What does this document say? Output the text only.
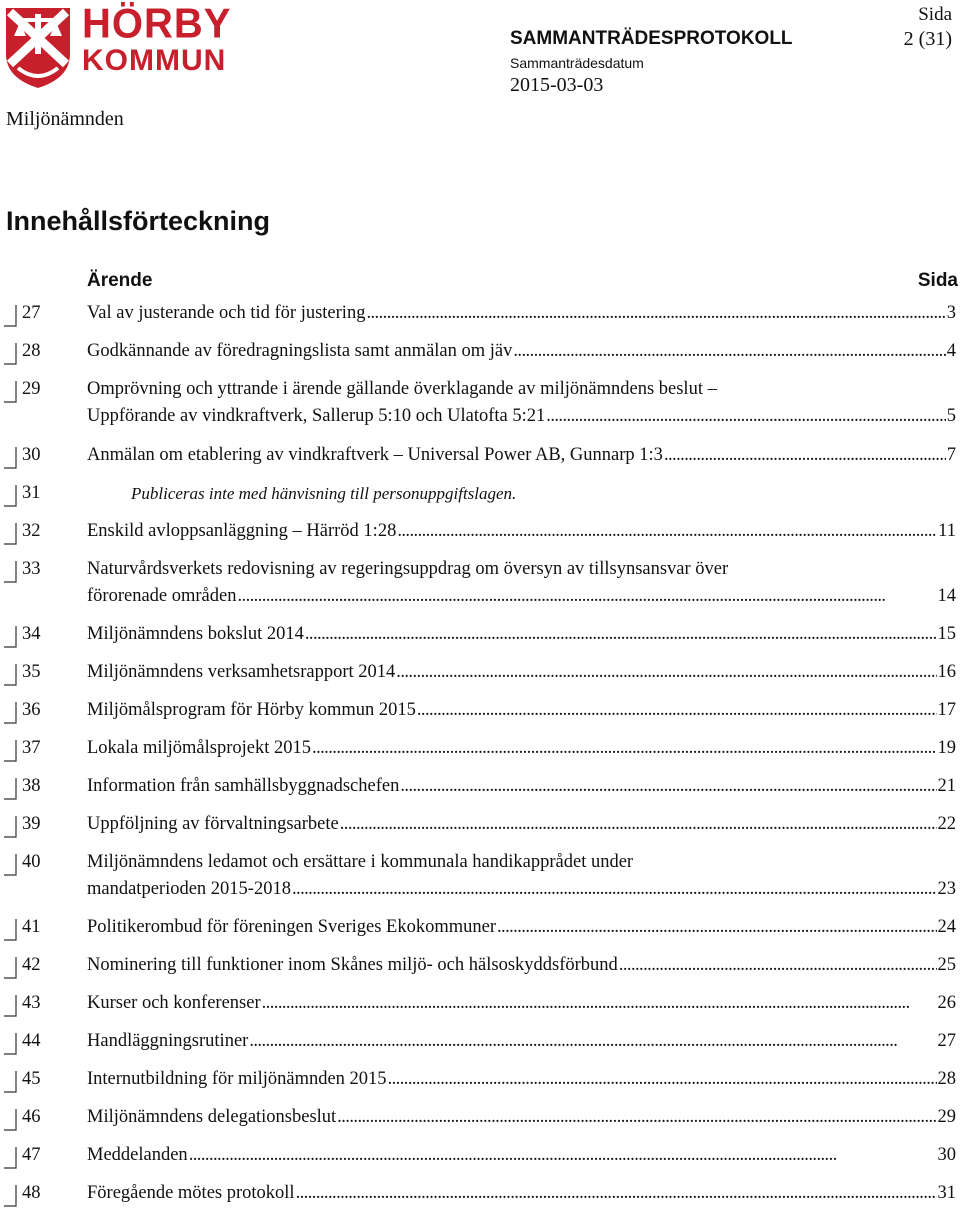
HÖRBY
KOMMUN
Miljönämnden
Sida
2 (31)
SAMMANTRÄDESPROTOKOLL
Sammanträdesdatum
2015-03-03
Innehållsförteckning
Ärende	Sida
27	Val av justerande och tid för justering . . .	3
28	Godkännande av föredragningslista samt anmälan om jäv . . .	4
29	Omprövning och yttrande i ärende gällande överklagande av miljönämndens beslut –
Uppförande av vindkraftverk, Sallerup 5:10 och Ulatofta 5:21 . . .	5
30	Anmälan om etablering av vindkraftverk – Universal Power AB, Gunnarp 1:3 . . .	7
31	Publiceras inte med hänvisning till personuppgiftslagen.
32	Enskild avloppsanläggning – Härröd 1:28 . . .	11
33	Naturvårdsverkets redovisning av regeringsuppdrag om översyn av tillsynsansvar över
förorenade områden . . .	14
34	Miljönämndens bokslut 2014 . . .	15
35	Miljönämndens verksamhetsrapport 2014 . . .	16
36	Miljömålsprogram för Hörby kommun 2015 . . .	17
37	Lokala miljömålsprojekt 2015 . . .	19
38	Information från samhällsbyggnadschefen . . .	21
39	Uppföljning av förvaltningsarbete . . .	22
40	Miljönämndens ledamot och ersättare i kommunala handikapprådet under
mandatperioden 2015-2018 . . .	23
41	Politikerombud för föreningen Sveriges Ekokommuner . . .	24
42	Nominering till funktioner inom Skånes miljö- och hälsoskyddsförbund . . .	25
43	Kurser och konferenser . . .	26
44	Handläggningsrutiner . . .	27
45	Internutbildning för miljönämnden 2015 . . .	28
46	Miljönämndens delegationsbeslut . . .	29
47	Meddelanden . . .	30
48	Föregående mötes protokoll . . .	31
